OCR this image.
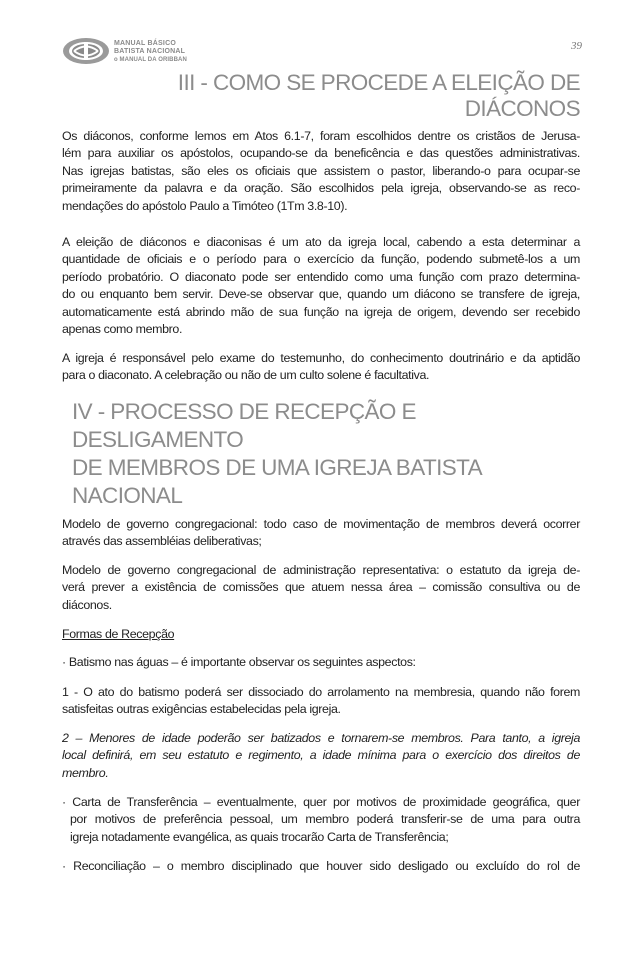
MANUAL BÁSICO
BATISTA NACIONAL
o MANUAL DA ORIBBAN
39
III - COMO SE PROCEDE A ELEIÇÃO DE DIÁCONOS
Os diáconos, conforme lemos em Atos 6.1-7, foram escolhidos dentre os cristãos de Jerusa-
lém para auxiliar os apóstolos, ocupando-se da beneficência e das questões administrativas.
Nas igrejas batistas, são eles os oficiais que assistem o pastor, liberando-o para ocupar-se
primeiramente da palavra e da oração. São escolhidos pela igreja, observando-se as reco-
mendações do apóstolo Paulo a Timóteo (1Tm 3.8-10).
A eleição de diáconos e diaconisas é um ato da igreja local, cabendo a esta determinar a
quantidade de oficiais e o período para o exercício da função, podendo submetê-los a um
período probatório. O diaconato pode ser entendido como uma função com prazo determina-
do ou enquanto bem servir. Deve-se observar que, quando um diácono se transfere de igreja,
automaticamente está abrindo mão de sua função na igreja de origem, devendo ser recebido
apenas como membro.
A igreja é responsável pelo exame do testemunho, do conhecimento doutrinário e da aptidão
para o diaconato. A celebração ou não de um culto solene é facultativa.
IV - PROCESSO DE RECEPÇÃO E DESLIGAMENTO
DE MEMBROS DE UMA IGREJA BATISTA NACIONAL
Modelo de governo congregacional: todo caso de movimentação de membros deverá ocorrer
através das assembléias deliberativas;
Modelo de governo congregacional de administração representativa: o estatuto da igreja de-
verá prever a existência de comissões que atuem nessa área – comissão consultiva ou de
diáconos.
Formas de Recepção
· Batismo nas águas – é importante observar os seguintes aspectos:
1 - O ato do batismo poderá ser dissociado do arrolamento na membresia, quando não forem
satisfeitas outras exigências estabelecidas pela igreja.
2 – Menores de idade poderão ser batizados e tornarem-se membros. Para tanto, a igreja
local definirá, em seu estatuto e regimento, a idade mínima para o exercício dos direitos de
membro.
· Carta de Transferência – eventualmente, quer por motivos de proximidade geográfica, quer
por motivos de preferência pessoal, um membro poderá transferir-se de uma para outra
igreja notadamente evangélica, as quais trocarão Carta de Transferência;
· Reconciliação – o membro disciplinado que houver sido desligado ou excluído do rol de
